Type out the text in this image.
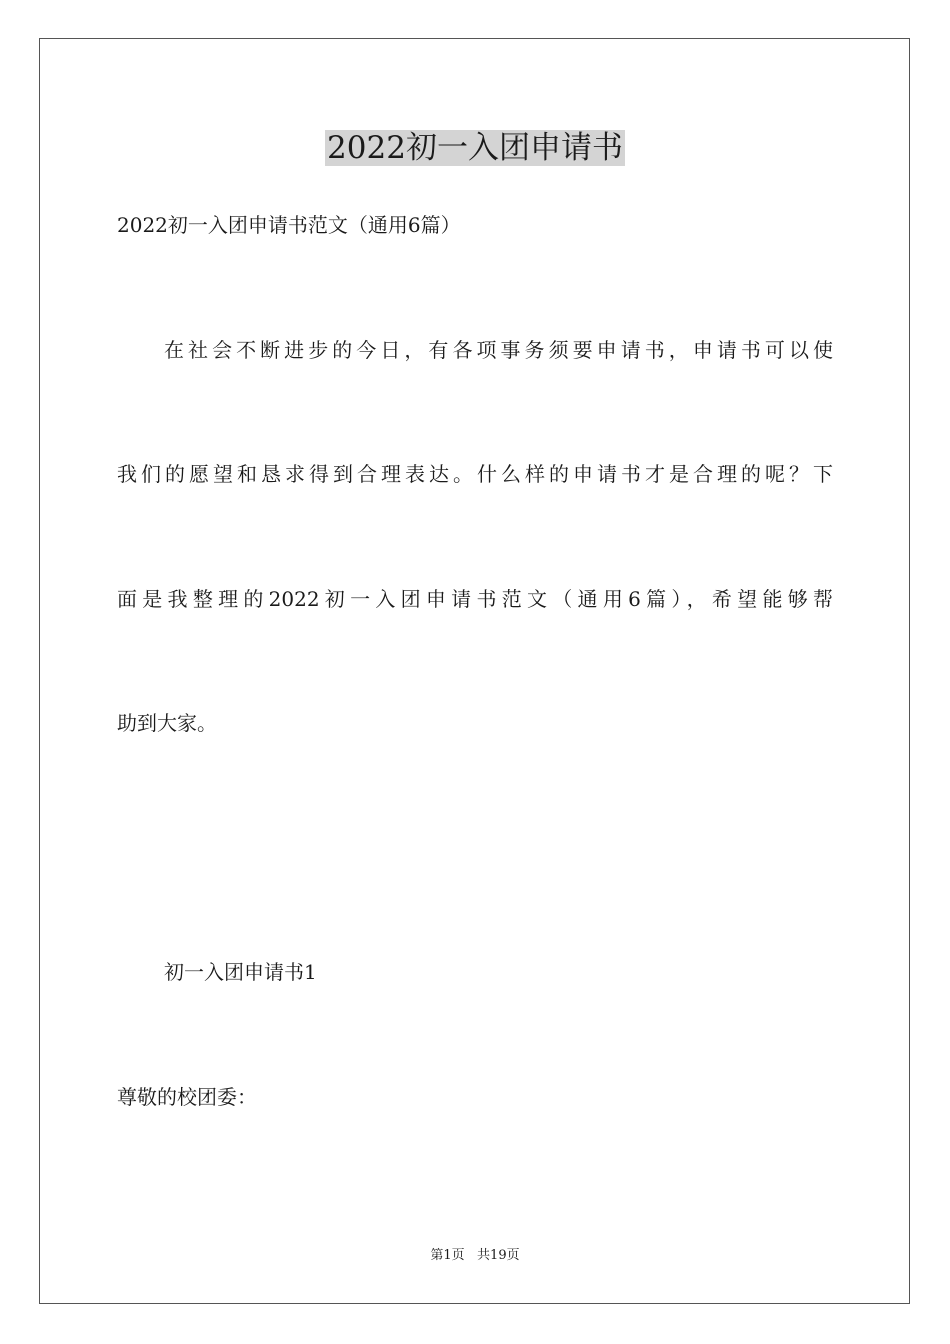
2022初一入团申请书
2022初一入团申请书范文（通用6篇）
在社会不断进步的今日，有各项事务须要申请书，申请书可以使
我们的愿望和恳求得到合理表达。什么样的申请书才是合理的呢？下
面是我整理的2022初一入团申请书范文（通用6篇），希望能够帮
助到大家。
初一入团申请书1
尊敬的校团委：
第1页   共19页
